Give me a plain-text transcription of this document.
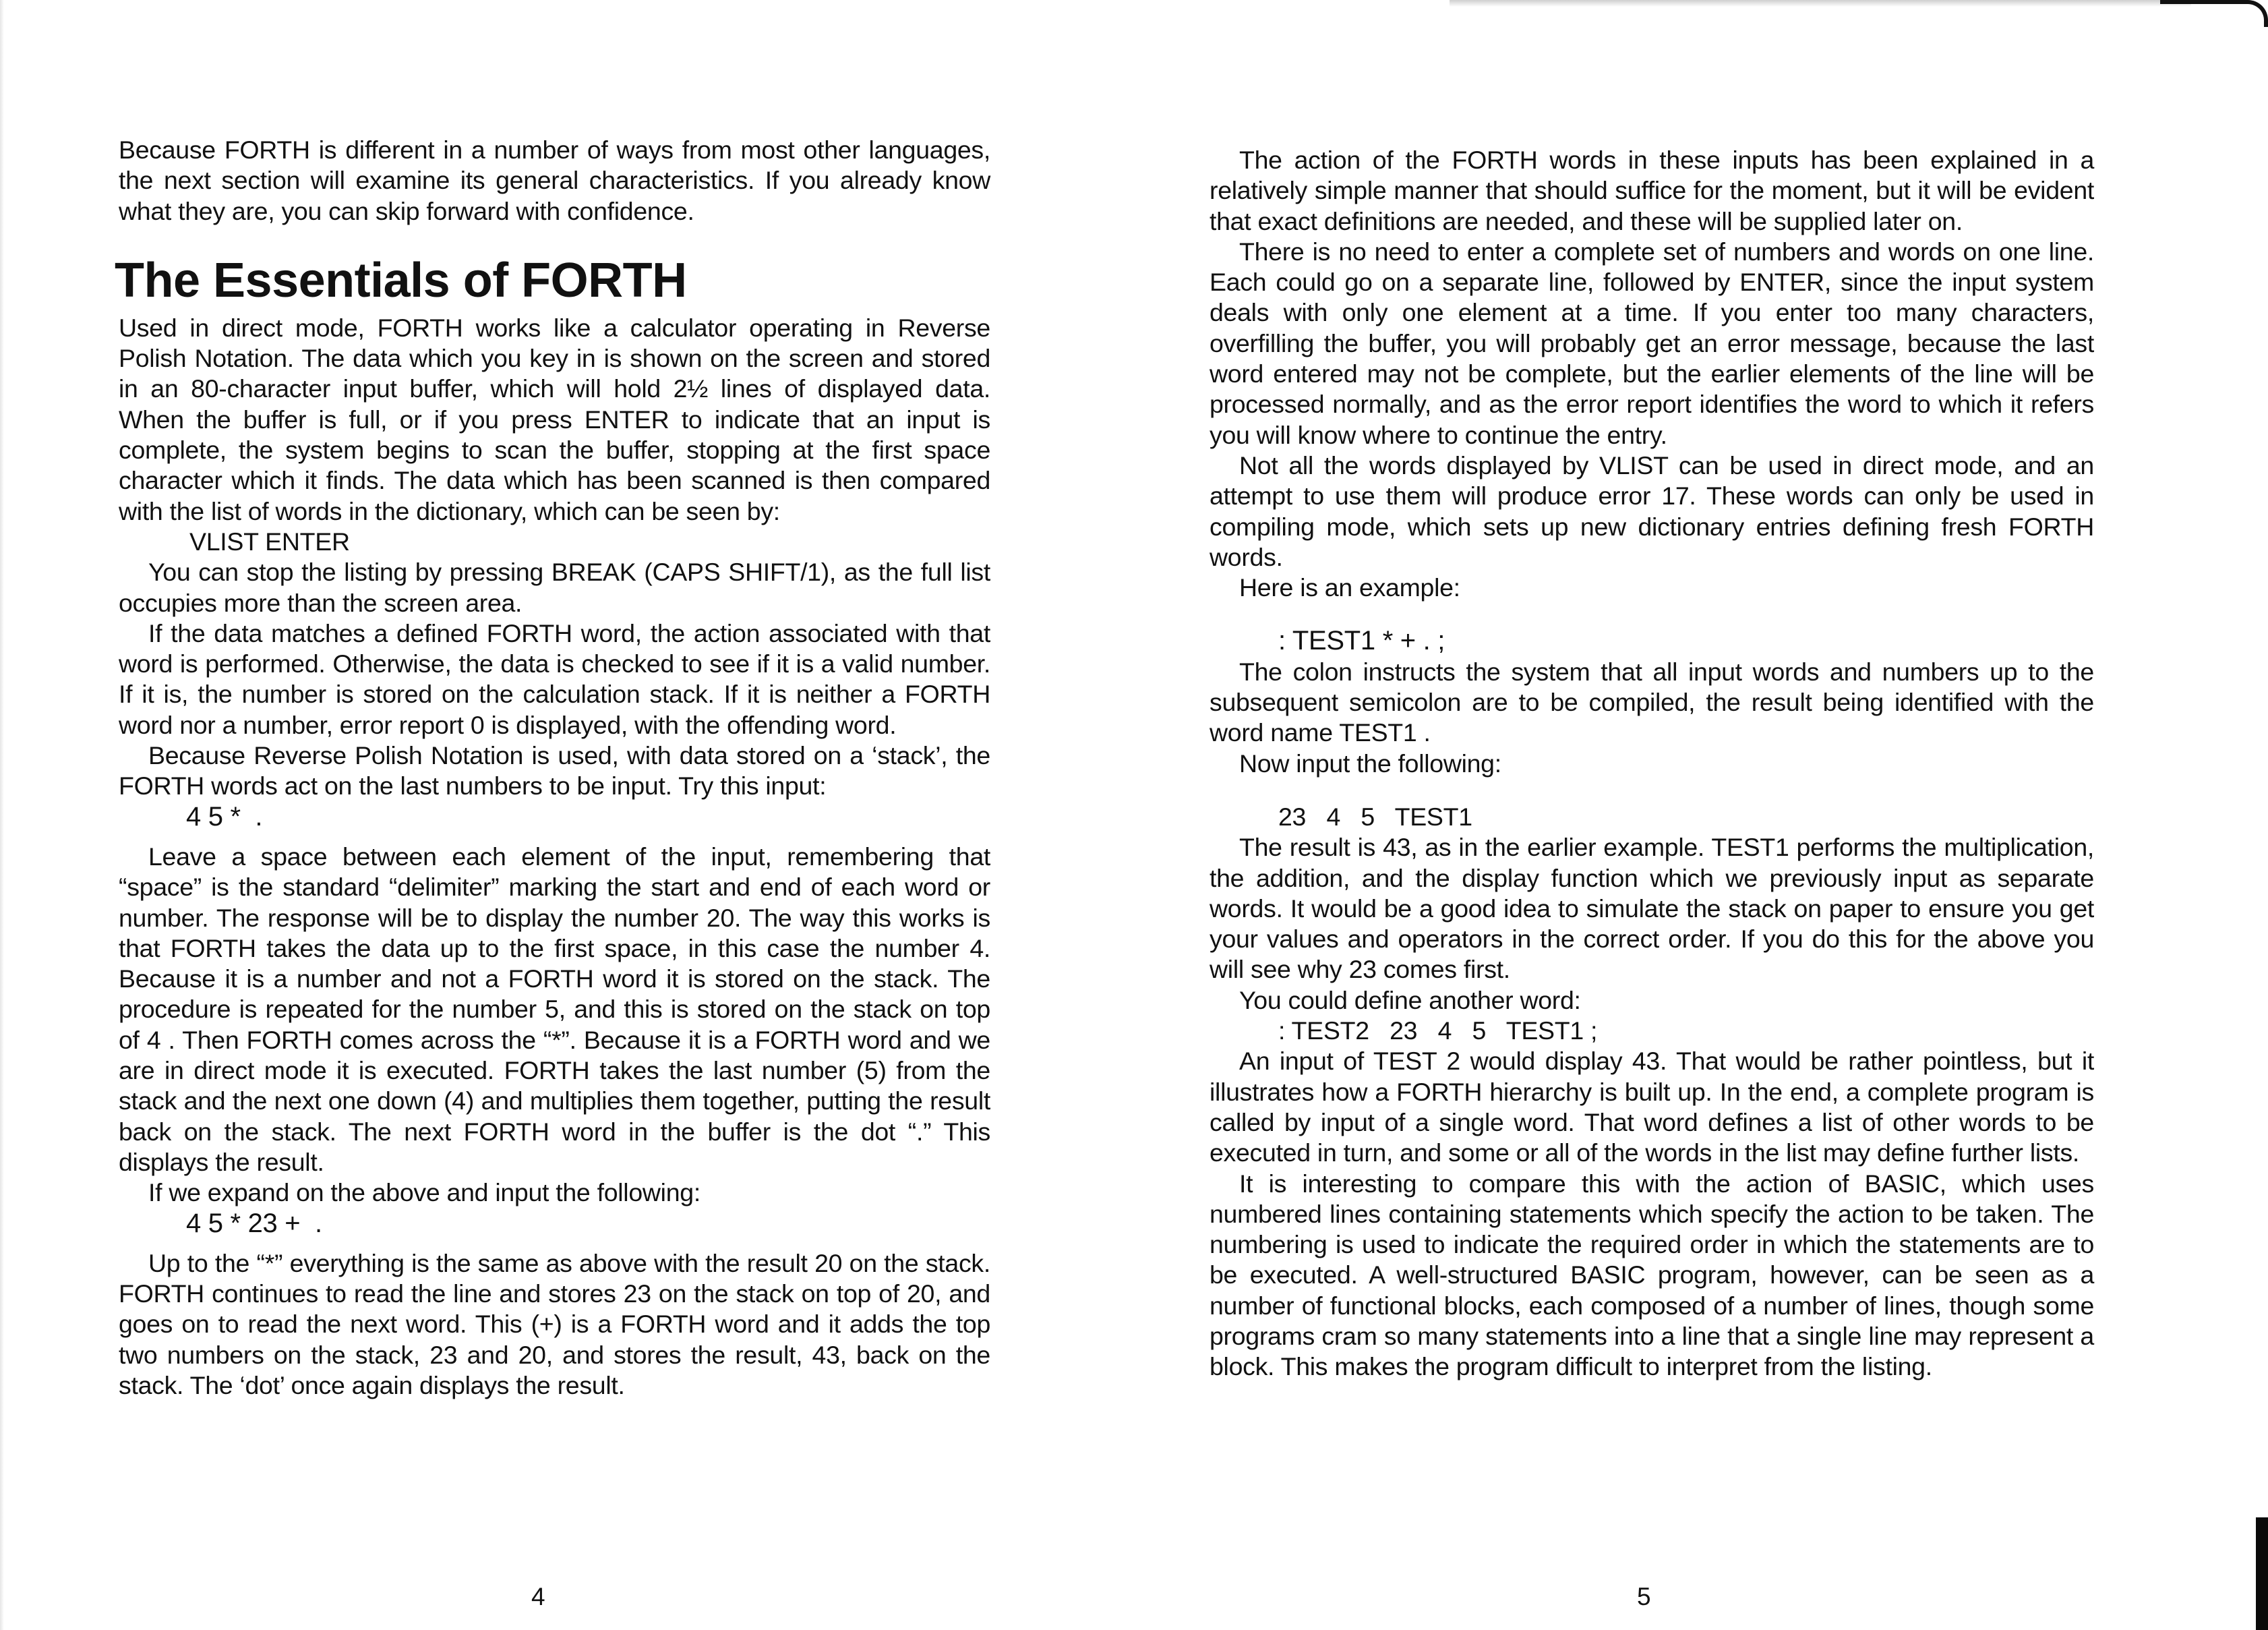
Because FORTH is different in a number of ways from most other languages, the next section will examine its general characteristics. If you already know what they are, you can skip forward with confidence.

The Essentials of FORTH

Used in direct mode, FORTH works like a calculator operating in Reverse Polish Notation. The data which you key in is shown on the screen and stored in an 80-character input buffer, which will hold 2½ lines of displayed data. When the buffer is full, or if you press ENTER to indicate that an input is complete, the system begins to scan the buffer, stopping at the first space character which it finds. The data which has been scanned is then compared with the list of words in the dictionary, which can be seen by:

VLIST ENTER

You can stop the listing by pressing BREAK (CAPS SHIFT/1), as the full list occupies more than the screen area.

If the data matches a defined FORTH word, the action associated with that word is performed. Otherwise, the data is checked to see if it is a valid number. If it is, the number is stored on the calculation stack. If it is neither a FORTH word nor a number, error report 0 is displayed, with the offending word.

Because Reverse Polish Notation is used, with data stored on a ‘stack’, the FORTH words act on the last numbers to be input. Try this input:

4 5 *  .

Leave a space between each element of the input, remembering that “space” is the standard “delimiter” marking the start and end of each word or number. The response will be to display the number 20. The way this works is that FORTH takes the data up to the first space, in this case the number 4. Because it is a number and not a FORTH word it is stored on the stack. The procedure is repeated for the number 5, and this is stored on the stack on top of 4 . Then FORTH comes across the “*”. Because it is a FORTH word and we are in direct mode it is executed. FORTH takes the last number (5) from the stack and the next one down (4) and multiplies them together, putting the result back on the stack. The next FORTH word in the buffer is the dot “.” This displays the result.

If we expand on the above and input the following:

4 5 * 23 +  .

Up to the “*” everything is the same as above with the result 20 on the stack. FORTH continues to read the line and stores 23 on the stack on top of 20, and goes on to read the next word. This (+) is a FORTH word and it adds the top two numbers on the stack, 23 and 20, and stores the result, 43, back on the stack. The ‘dot’ once again displays the result.

4

The action of the FORTH words in these inputs has been explained in a relatively simple manner that should suffice for the moment, but it will be evident that exact definitions are needed, and these will be supplied later on.

There is no need to enter a complete set of numbers and words on one line. Each could go on a separate line, followed by ENTER, since the input system deals with only one element at a time. If you enter too many characters, overfilling the buffer, you will probably get an error message, because the last word entered may not be complete, but the earlier elements of the line will be processed normally, and as the error report identifies the word to which it refers you will know where to continue the entry.

Not all the words displayed by VLIST can be used in direct mode, and an attempt to use them will produce error 17. These words can only be used in compiling mode, which sets up new dictionary entries defining fresh FORTH words.

Here is an example:

: TEST1 * + . ;

The colon instructs the system that all input words and numbers up to the subsequent semicolon are to be compiled, the result being identified with the word name TEST1 .

Now input the following:

23   4   5   TEST1

The result is 43, as in the earlier example. TEST1 performs the multiplication, the addition, and the display function which we previously input as separate words. It would be a good idea to simulate the stack on paper to ensure you get your values and operators in the correct order. If you do this for the above you will see why 23 comes first.

You could define another word:

: TEST2   23   4   5   TEST1 ;

An input of TEST 2 would display 43. That would be rather pointless, but it illustrates how a FORTH hierarchy is built up. In the end, a complete program is called by input of a single word. That word defines a list of other words to be executed in turn, and some or all of the words in the list may define further lists.

It is interesting to compare this with the action of BASIC, which uses numbered lines containing statements which specify the action to be taken. The numbering is used to indicate the required order in which the statements are to be executed. A well-structured BASIC program, however, can be seen as a number of functional blocks, each composed of a number of lines, though some programs cram so many statements into a line that a single line may represent a block. This makes the program difficult to interpret from the listing.

5
